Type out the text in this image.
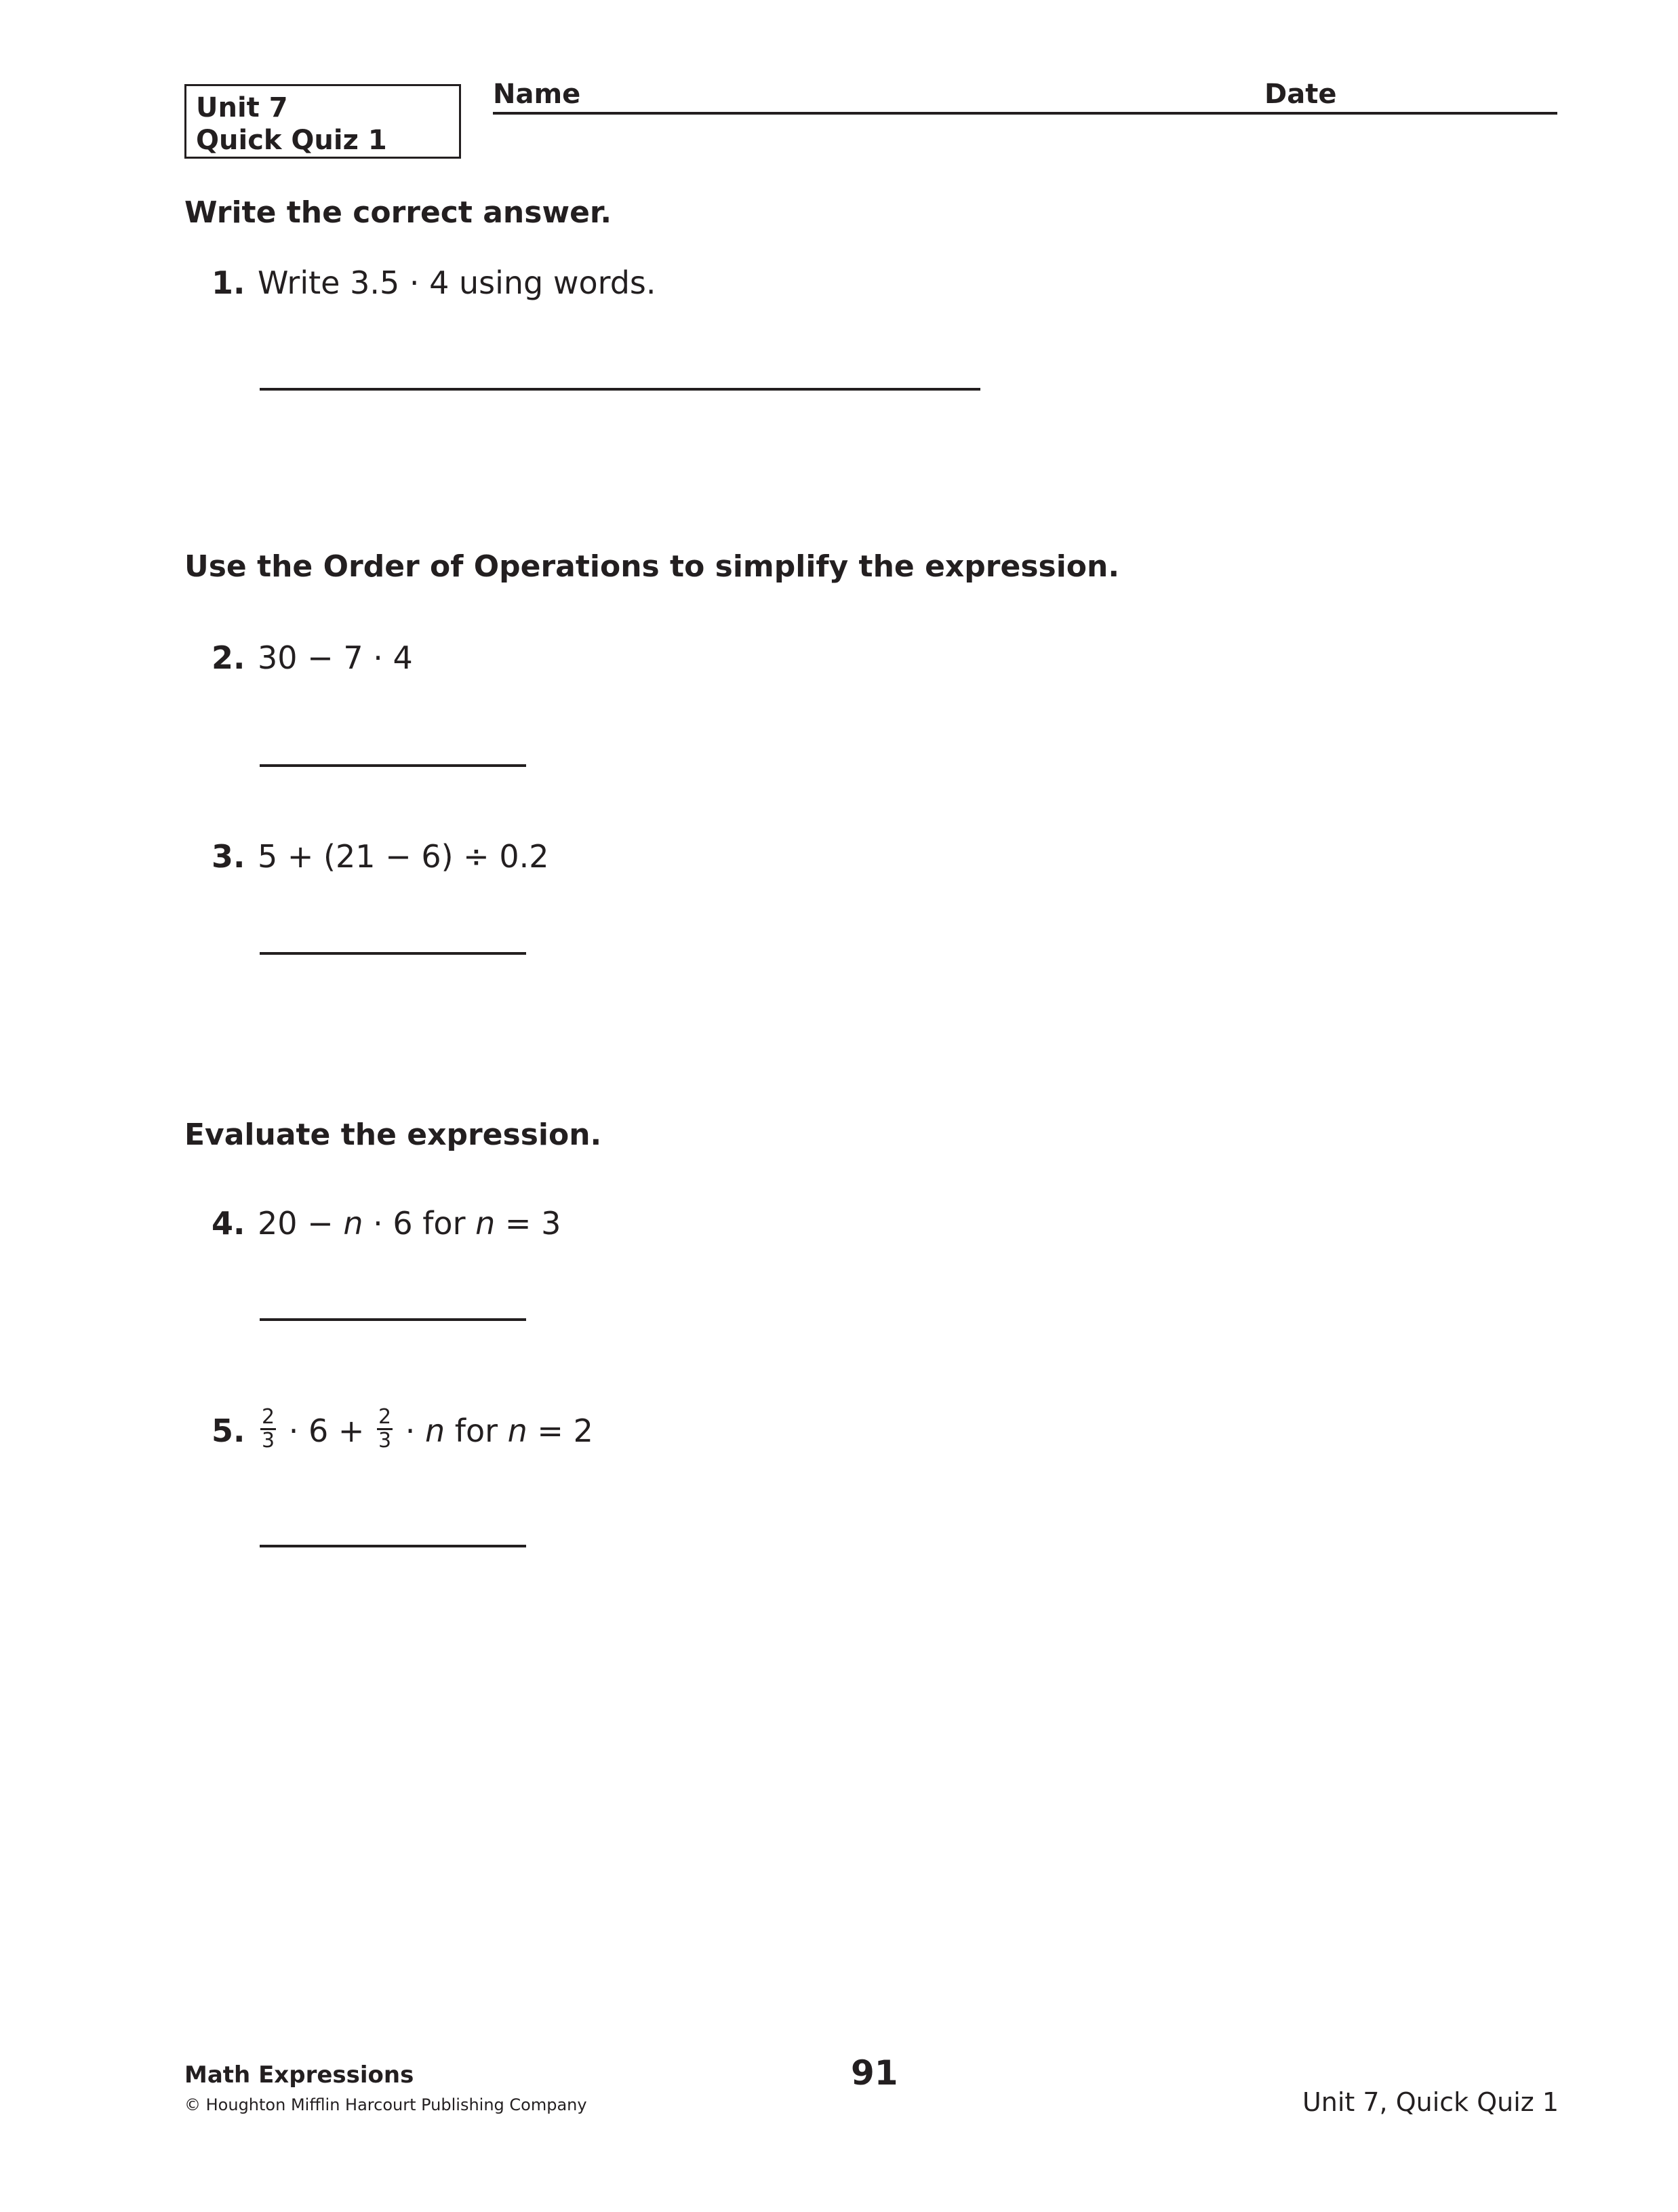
Unit 7
Quick Quiz 1
Name	Date
Write the correct answer.
1. Write 3.5 · 4 using words.
Use the Order of Operations to simplify the expression.
2. 30 − 7 · 4
3. 5 + (21 − 6) ÷ 0.2
Evaluate the expression.
4. 20 − n · 6 for n = 3
5. $\frac{2}{3} \cdot 6 + \frac{2}{3} \cdot n$ for n = 2
Math Expressions
© Houghton Mifflin Harcourt Publishing Company
91
Unit 7, Quick Quiz 1
